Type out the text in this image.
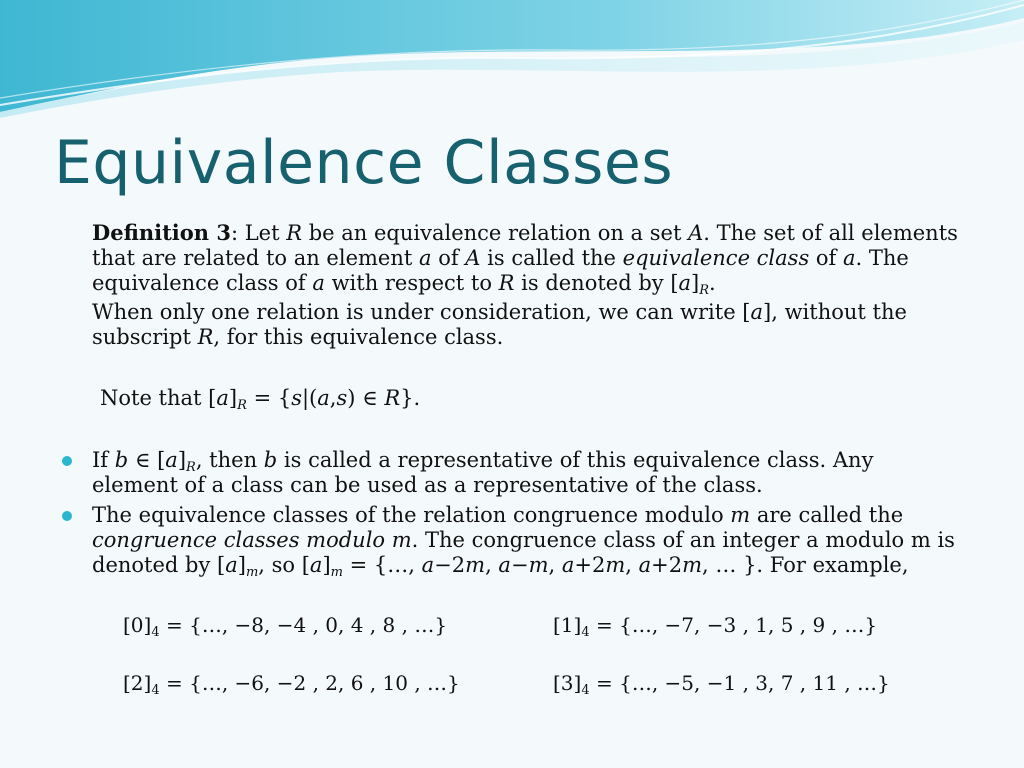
Equivalence Classes
Definition 3: Let R be an equivalence relation on a set A. The set of all elements that are related to an element a of A is called the equivalence class of a. The equivalence class of a with respect to R is denoted by $[a]_R$.
When only one relation is under consideration, we can write [a], without the subscript R, for this equivalence class.
Note that $[a]_R = \{s|(a,s)$ ∈ R}.
If b ∈ $[a]_R$, then b is called a representative of this equivalence class. Any element of a class can be used as a representative of the class.
The equivalence classes of the relation congruence modulo m are called the congruence classes modulo m. The congruence class of an integer a modulo m is denoted by $[a]_m$, so $[a]_m$ = {…, a−2m, a−m, a+2m, a+2m, … }. For example,
$[0]_4$ = {…, −8, −4 , 0, 4 , 8 , …}	$[1]_4$ = {…, −7, −3 , 1, 5 , 9 , …}
$[2]_4$ = {…, −6, −2 , 2, 6 , 10 , …}	$[3]_4$ = {…, −5, −1 , 3, 7 , 11 , …}
